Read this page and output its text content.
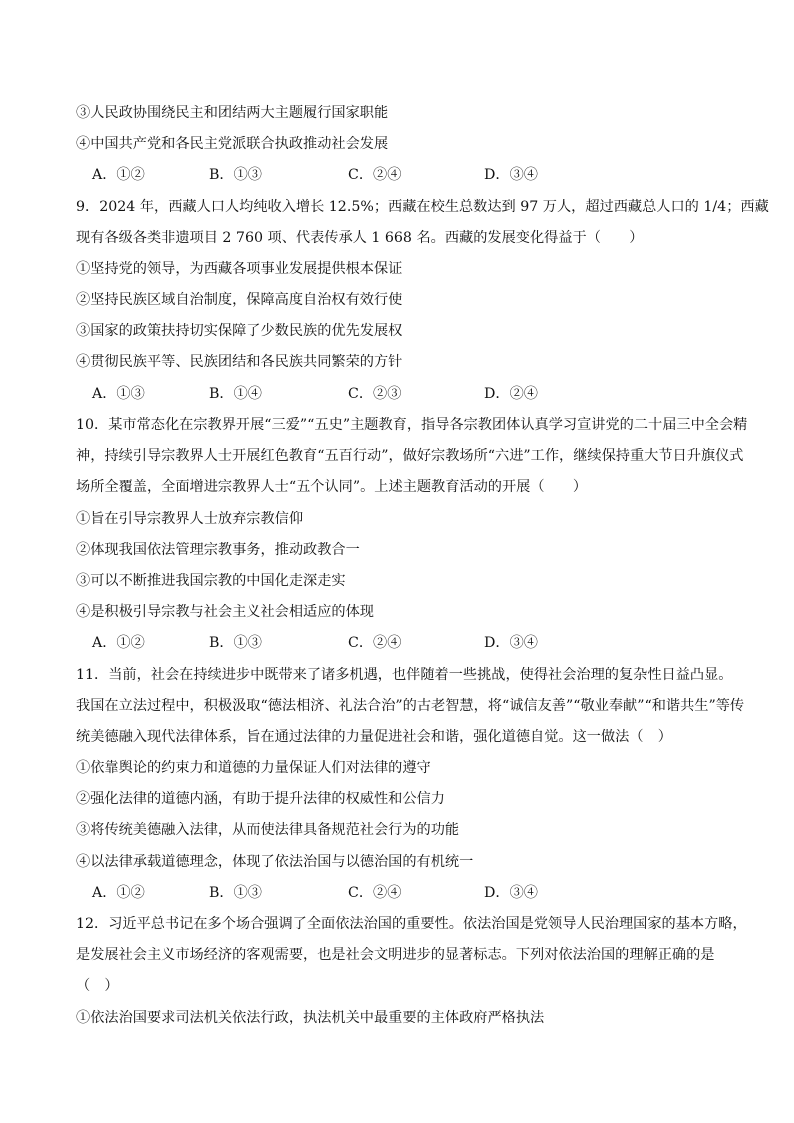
③人民政协围绕民主和团结两大主题履行国家职能
④中国共产党和各民主党派联合执政推动社会发展
A．①②	B．①③	C．②④	D．③④
9．2024 年，西藏人口人均纯收入增长 12.5%；西藏在校生总数达到 97 万人，超过西藏总人口的 1/4；西藏
现有各级各类非遗项目 2 760 项、代表传承人 1 668 名。西藏的发展变化得益于（　　）
①坚持党的领导，为西藏各项事业发展提供根本保证
②坚持民族区域自治制度，保障高度自治权有效行使
③国家的政策扶持切实保障了少数民族的优先发展权
④贯彻民族平等、民族团结和各民族共同繁荣的方针
A．①③	B．①④	C．②③	D．②④
10．某市常态化在宗教界开展“三爱”“五史”主题教育，指导各宗教团体认真学习宣讲党的二十届三中全会精
神，持续引导宗教界人士开展红色教育“五百行动”，做好宗教场所“六进”工作，继续保持重大节日升旗仪式
场所全覆盖，全面增进宗教界人士“五个认同”。上述主题教育活动的开展（　　）
①旨在引导宗教界人士放弃宗教信仰
②体现我国依法管理宗教事务，推动政教合一
③可以不断推进我国宗教的中国化走深走实
④是积极引导宗教与社会主义社会相适应的体现
A．①②	B．①③	C．②④	D．③④
11．当前，社会在持续进步中既带来了诸多机遇，也伴随着一些挑战，使得社会治理的复杂性日益凸显。
我国在立法过程中，积极汲取“德法相济、礼法合治”的古老智慧，将“诚信友善”“敬业奉献”“和谐共生”等传
统美德融入现代法律体系，旨在通过法律的力量促进社会和谐，强化道德自觉。这一做法（　）
①依靠舆论的约束力和道德的力量保证人们对法律的遵守
②强化法律的道德内涵，有助于提升法律的权威性和公信力
③将传统美德融入法律，从而使法律具备规范社会行为的功能
④以法律承载道德理念，体现了依法治国与以德治国的有机统一
A．①②	B．①③	C．②④	D．③④
12．习近平总书记在多个场合强调了全面依法治国的重要性。依法治国是党领导人民治理国家的基本方略，
是发展社会主义市场经济的客观需要，也是社会文明进步的显著标志。下列对依法治国的理解正确的是
（　）
①依法治国要求司法机关依法行政，执法机关中最重要的主体政府严格执法
